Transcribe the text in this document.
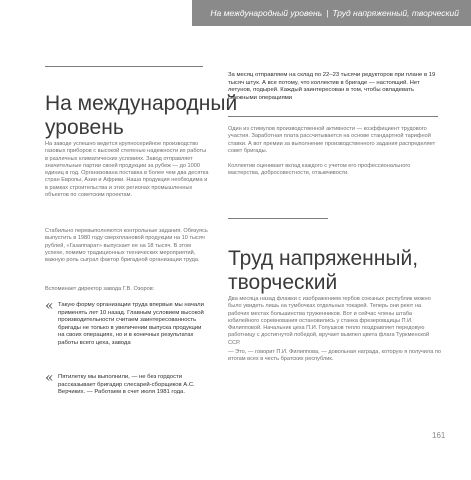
На международный уровень | Труд напряженный, творческий
На международный уровень

На заводе успешно ведется крупносерийное производство газовых приборов с высокой степенью надежности их работы в различных климатических условиях. Завод отправляет значительные партии своей продукции за рубеж — до 1000 единиц в год. Организована поставка в более чем два десятка стран Европы, Азии и Африки. Наша продукция необходима и в рамках строительства и этих регионах промышленных объектов по советским проектам.

Стабильно перевыполняются контрольные задания. Обязуясь выпустить в 1980 году сверхплановой продукции на 10 тысяч рублей, «Газаппарат» выпускает ее на 18 тысяч. В этом успехе, помимо традиционных технических мероприятий, важную роль сыграл фактор бригадной организации труда.

Вспоминает директор завода Г.В. Озоров:

« Такую форму организации труда впервые мы начали применять лет 10 назад. Главным условием высокой производительности считаем заинтересованность бригады не только в увеличении выпуска продукции на своих операциях, но и в конечных результатах работы всего цеха, завода

« Пятилетку мы выполнили, — не без гордости рассказывает бригадир слесарей-сборщиков А.С. Верчиких. — Работаем в счет июля 1981 года.

За месяц отправляем на склад по 22–23 тысячи редукторов при плане в 19 тысяч штук. А все потому, что коллектив в бригаде — настоящий. Нет летунов, подырей. Каждый заинтересован в том, чтобы овладевать смежными операциями

Один из стимулов производственной активности — коэффициент трудового участия. Заработная плата рассчитывается на основе стандартной тарифной ставки. А вот премии за выполнение производственного задания распределяет совет бригады.

Коллектив оценивает вклад каждого с учетом его профессионального мастерства, добросовестности, отзывчивости.

Труд напряженный, творческий

Два месяца назад флажки с изображением гербов союзных республик можно было увидеть лишь на тумбочках отдельных токарей. Теперь они реют на рабочих местах большинства труженников. Вот и сейчас члены штаба юбилейного соревнования остановились у станка фрезеровщицы П.И. Филипповой. Начальник цеха П.И. Голушков тепло поздравляет передовую работницу с достигнутой победой, вручает вымпел цвета флага Туркменской ССР.

— Это, — говорит П.И. Филиппова, — довольная награда, которую я получила по итогам всех в честь братских республик.

161
